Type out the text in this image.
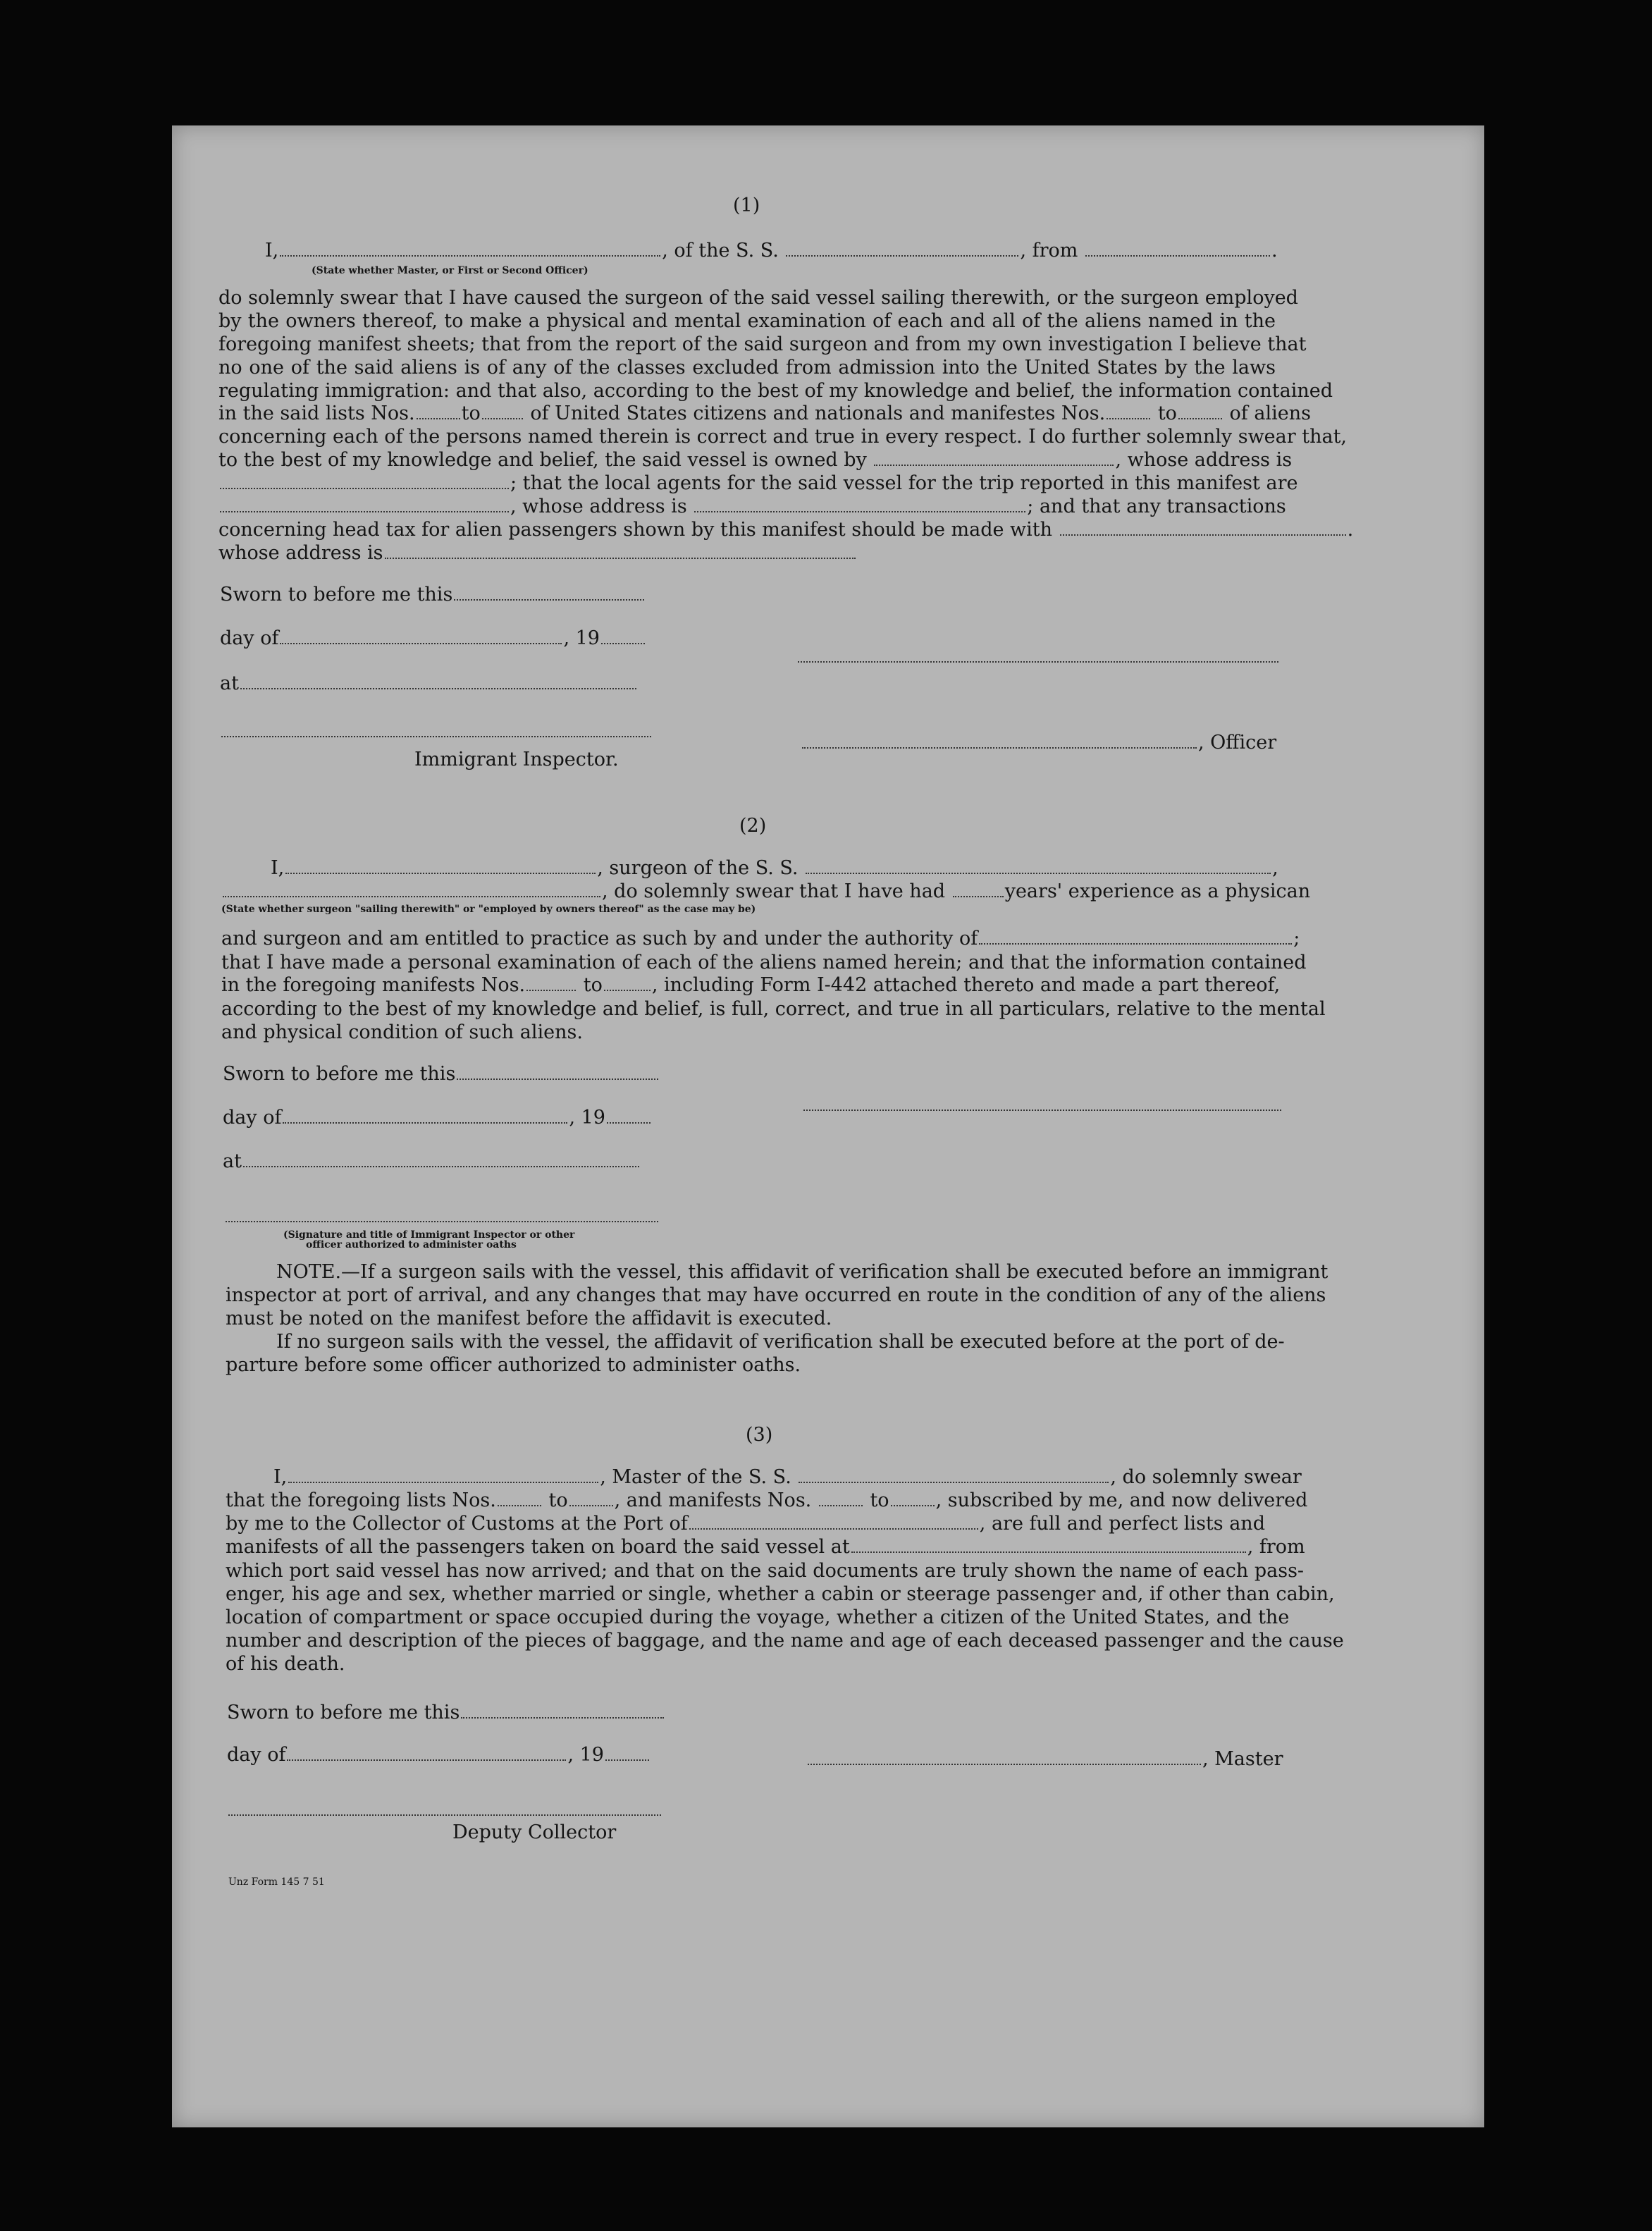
(1)
I,	, of the S. S.	, from	.
(State whether Master, or First or Second Officer)
do solemnly swear that I have caused the surgeon of the said vessel sailing therewith, or the surgeon employed
by the owners thereof, to make a physical and mental examination of each and all of the aliens named in the
foregoing manifest sheets; that from the report of the said surgeon and from my own investigation I believe that
no one of the said aliens is of any of the classes excluded from admission into the United States by the laws
regulating immigration: and that also, according to the best of my knowledge and belief, the information contained
in the said lists Nos. to	of United States citizens and nationals and manifestes Nos.	to	of aliens
concerning each of the persons named therein is correct and true in every respect. I do further solemnly swear that,
to the best of my knowledge and belief, the said vessel is owned by	, whose address is
; that the local agents for the said vessel for the trip reported in this manifest are
, whose address is	; and that any transactions
concerning head tax for alien passengers shown by this manifest should be made with	.
whose address is
Sworn to before me this
day of	, 19
at
, Officer
Immigrant Inspector.
(2)
I,	, surgeon of the S. S.	,
, do solemnly swear that I have had	years' experience as a physican
(State whether surgeon "sailing therewith" or "employed by owners thereof" as the case may be)
and surgeon and am entitled to practice as such by and under the authority of	;
that I have made a personal examination of each of the aliens named herein; and that the information contained
in the foregoing manifests Nos.	to	, including Form I-442 attached thereto and made a part thereof,
according to the best of my knowledge and belief, is full, correct, and true in all particulars, relative to the mental
and physical condition of such aliens.
Sworn to before me this
day of	, 19
at
(Signature and title of Immigrant Inspector or other
officer authorized to administer oaths
NOTE.—If a surgeon sails with the vessel, this affidavit of verification shall be executed before an immigrant
inspector at port of arrival, and any changes that may have occurred en route in the condition of any of the aliens
must be noted on the manifest before the affidavit is executed.
If no surgeon sails with the vessel, the affidavit of verification shall be executed before at the port of de-
parture before some officer authorized to administer oaths.
(3)
I,	, Master of the S. S.	, do solemnly swear
that the foregoing lists Nos.	to , and manifests Nos.	to , subscribed by me, and now delivered
by me to the Collector of Customs at the Port of	, are full and perfect lists and
manifests of all the passengers taken on board the said vessel at	, from
which port said vessel has now arrived; and that on the said documents are truly shown the name of each pass-
enger, his age and sex, whether married or single, whether a cabin or steerage passenger and, if other than cabin,
location of compartment or space occupied during the voyage, whether a citizen of the United States, and the
number and description of the pieces of baggage, and the name and age of each deceased passenger and the cause
of his death.
Sworn to before me this
day of	, 19	, Master
Deputy Collector
Unz Form 145 7 51
